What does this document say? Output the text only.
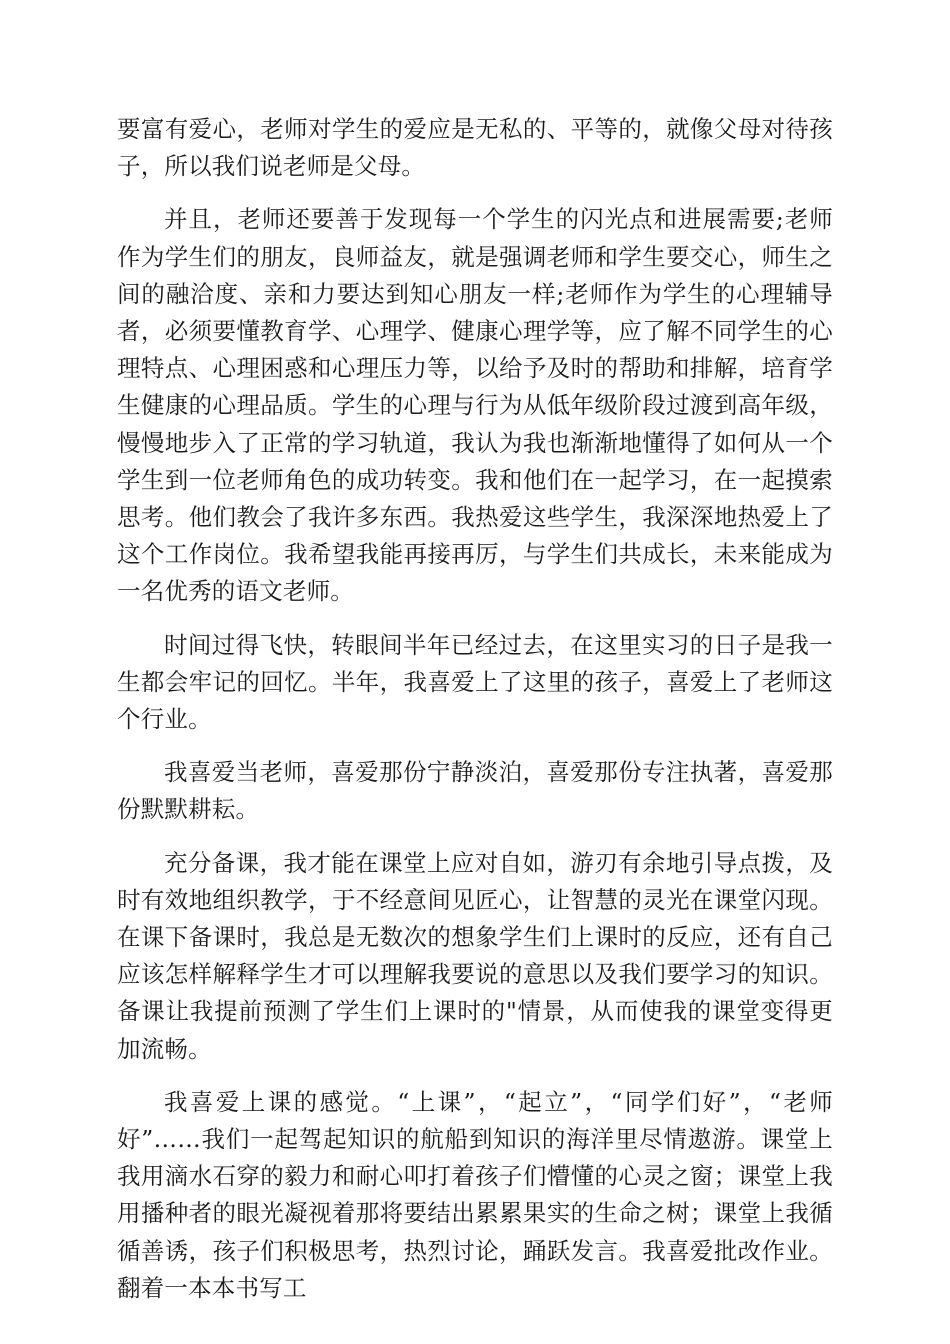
要富有爱心，老师对学生的爱应是无私的、平等的，就像父母对待孩子，所以我们说老师是父母。

并且，老师还要善于发现每一个学生的闪光点和进展需要;老师作为学生们的朋友，良师益友，就是强调老师和学生要交心，师生之间的融洽度、亲和力要达到知心朋友一样;老师作为学生的心理辅导者，必须要懂教育学、心理学、健康心理学等，应了解不同学生的心理特点、心理困惑和心理压力等，以给予及时的帮助和排解，培育学生健康的心理品质。学生的心理与行为从低年级阶段过渡到高年级，慢慢地步入了正常的学习轨道，我认为我也渐渐地懂得了如何从一个学生到一位老师角色的成功转变。我和他们在一起学习，在一起摸索思考。他们教会了我许多东西。我热爱这些学生，我深深地热爱上了这个工作岗位。我希望我能再接再厉，与学生们共成长，未来能成为一名优秀的语文老师。

时间过得飞快，转眼间半年已经过去，在这里实习的日子是我一生都会牢记的回忆。半年，我喜爱上了这里的孩子，喜爱上了老师这个行业。

我喜爱当老师，喜爱那份宁静淡泊，喜爱那份专注执著，喜爱那份默默耕耘。

充分备课，我才能在课堂上应对自如，游刃有余地引导点拨，及时有效地组织教学，于不经意间见匠心，让智慧的灵光在课堂闪现。在课下备课时，我总是无数次的想象学生们上课时的反应，还有自己应该怎样解释学生才可以理解我要说的意思以及我们要学习的知识。备课让我提前预测了学生们上课时的"情景，从而使我的课堂变得更加流畅。

我喜爱上课的感觉。“上课”，“起立”，“同学们好”，“老师好”……我们一起驾起知识的航船到知识的海洋里尽情遨游。课堂上我用滴水石穿的毅力和耐心叩打着孩子们懵懂的心灵之窗；课堂上我用播种者的眼光凝视着那将要结出累累果实的生命之树；课堂上我循循善诱，孩子们积极思考，热烈讨论，踊跃发言。我喜爱批改作业。翻着一本本书写工
